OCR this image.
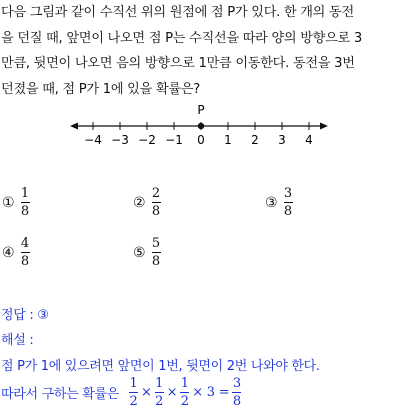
다음 그림과 같이 수직선 위의 원점에 점 P가 있다. 한 개의 동전

을 던질 때, 앞면이 나오면 점 P는 수직선을 따라 양의 방향으로 3

만큼, 뒷면이 나오면 음의 방향으로 1만큼 이동한다. 동전을 3번

던졌을 때, 점 P가 1에 있을 확률은?

−4 −3 −2 −1 0 1 2 3 4
P
① $\frac{1}{8}$	② $\frac{2}{8}$	③ $\frac{3}{8}$
④ $\frac{4}{8}$	⑤ $\frac{5}{8}$
정답 : ③
해설 :
점 P가 1에 있으려면 앞면이 1번, 뒷면이 2번 나와야 한다.
따라서 구하는 확률은 $\frac{1}{2} \times \frac{1}{2} \times \frac{1}{2} \times 3 = \frac{3}{8}$
